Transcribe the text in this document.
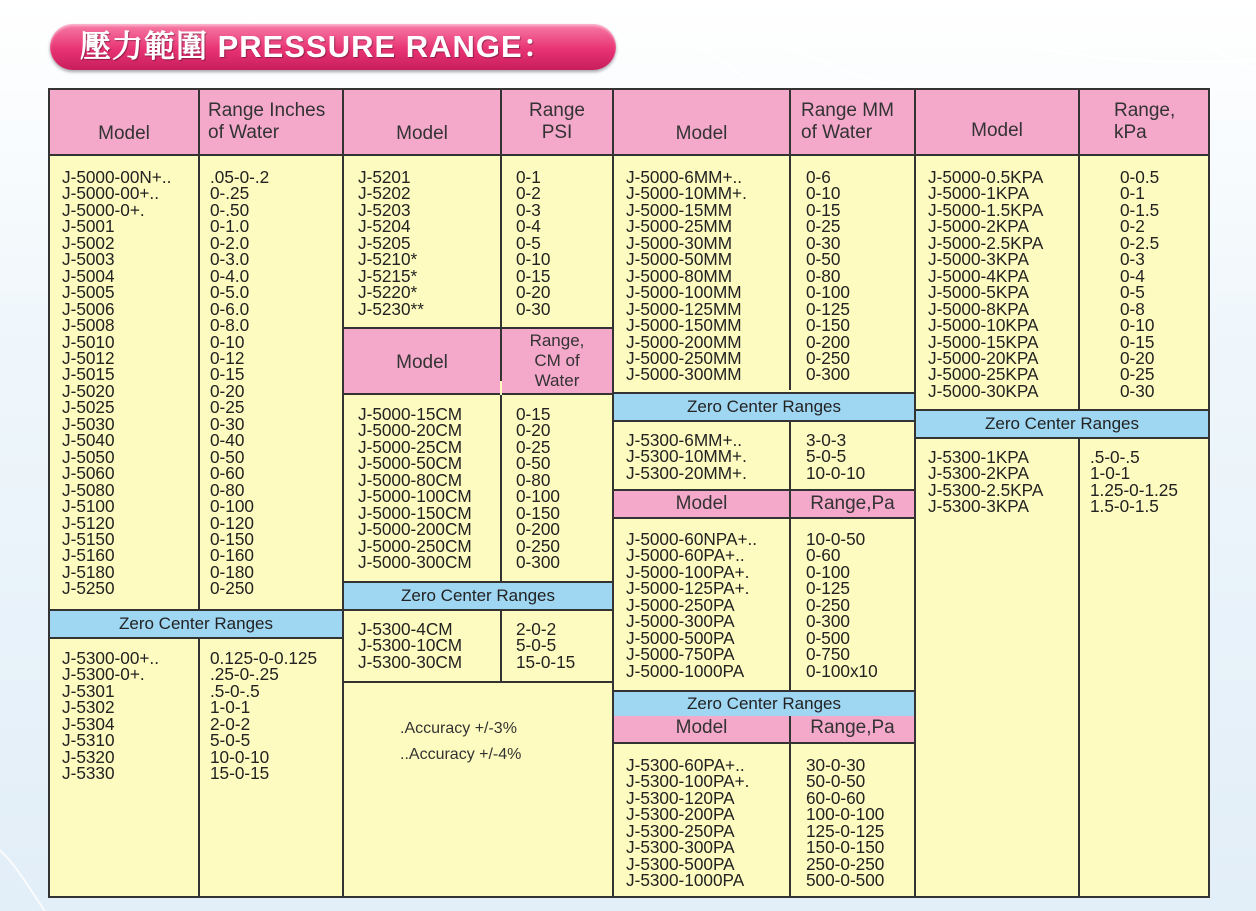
壓力範圍 PRESSURE RANGE：
Model
Range Inches
of Water
J-5000-00N+..
J-5000-00+..
J-5000-0+.
J-5001
J-5002
J-5003
J-5004
J-5005
J-5006
J-5008
J-5010
J-5012
J-5015
J-5020
J-5025
J-5030
J-5040
J-5050
J-5060
J-5080
J-5100
J-5120
J-5150
J-5160
J-5180
J-5250
.05-0-.2
0-.25
0-.50
0-1.0
0-2.0
0-3.0
0-4.0
0-5.0
0-6.0
0-8.0
0-10
0-12
0-15
0-20
0-25
0-30
0-40
0-50
0-60
0-80
0-100
0-120
0-150
0-160
0-180
0-250
Zero Center Ranges
J-5300-00+..
J-5300-0+.
J-5301
J-5302
J-5304
J-5310
J-5320
J-5330
0.125-0-0.125
.25-0-.25
.5-0-.5
1-0-1
2-0-2
5-0-5
10-0-10
15-0-15
Model
Range
PSI
J-5201
J-5202
J-5203
J-5204
J-5205
J-5210*
J-5215*
J-5220*
J-5230**
0-1
0-2
0-3
0-4
0-5
0-10
0-15
0-20
0-30
Model
Range,
CM of
Water
J-5000-15CM
J-5000-20CM
J-5000-25CM
J-5000-50CM
J-5000-80CM
J-5000-100CM
J-5000-150CM
J-5000-200CM
J-5000-250CM
J-5000-300CM
0-15
0-20
0-25
0-50
0-80
0-100
0-150
0-200
0-250
0-300
Zero Center Ranges
J-5300-4CM
J-5300-10CM
J-5300-30CM
2-0-2
5-0-5
15-0-15
.Accuracy +/-3%
..Accuracy +/-4%
Model
Range MM
of Water
J-5000-6MM+..
J-5000-10MM+.
J-5000-15MM
J-5000-25MM
J-5000-30MM
J-5000-50MM
J-5000-80MM
J-5000-100MM
J-5000-125MM
J-5000-150MM
J-5000-200MM
J-5000-250MM
J-5000-300MM
0-6
0-10
0-15
0-25
0-30
0-50
0-80
0-100
0-125
0-150
0-200
0-250
0-300
Zero Center Ranges
J-5300-6MM+..
J-5300-10MM+.
J-5300-20MM+.
3-0-3
5-0-5
10-0-10
Model	Range,Pa
J-5000-60NPA+..
J-5000-60PA+..
J-5000-100PA+.
J-5000-125PA+.
J-5000-250PA
J-5000-300PA
J-5000-500PA
J-5000-750PA
J-5000-1000PA
10-0-50
0-60
0-100
0-125
0-250
0-300
0-500
0-750
0-100x10
Zero Center Ranges
Model	Range,Pa
J-5300-60PA+..
J-5300-100PA+.
J-5300-120PA
J-5300-200PA
J-5300-250PA
J-5300-300PA
J-5300-500PA
J-5300-1000PA
30-0-30
50-0-50
60-0-60
100-0-100
125-0-125
150-0-150
250-0-250
500-0-500
Model
Range,
kPa
J-5000-0.5KPA
J-5000-1KPA
J-5000-1.5KPA
J-5000-2KPA
J-5000-2.5KPA
J-5000-3KPA
J-5000-4KPA
J-5000-5KPA
J-5000-8KPA
J-5000-10KPA
J-5000-15KPA
J-5000-20KPA
J-5000-25KPA
J-5000-30KPA
0-0.5
0-1
0-1.5
0-2
0-2.5
0-3
0-4
0-5
0-8
0-10
0-15
0-20
0-25
0-30
Zero Center Ranges
J-5300-1KPA
J-5300-2KPA
J-5300-2.5KPA
J-5300-3KPA
.5-0-.5
1-0-1
1.25-0-1.25
1.5-0-1.5
